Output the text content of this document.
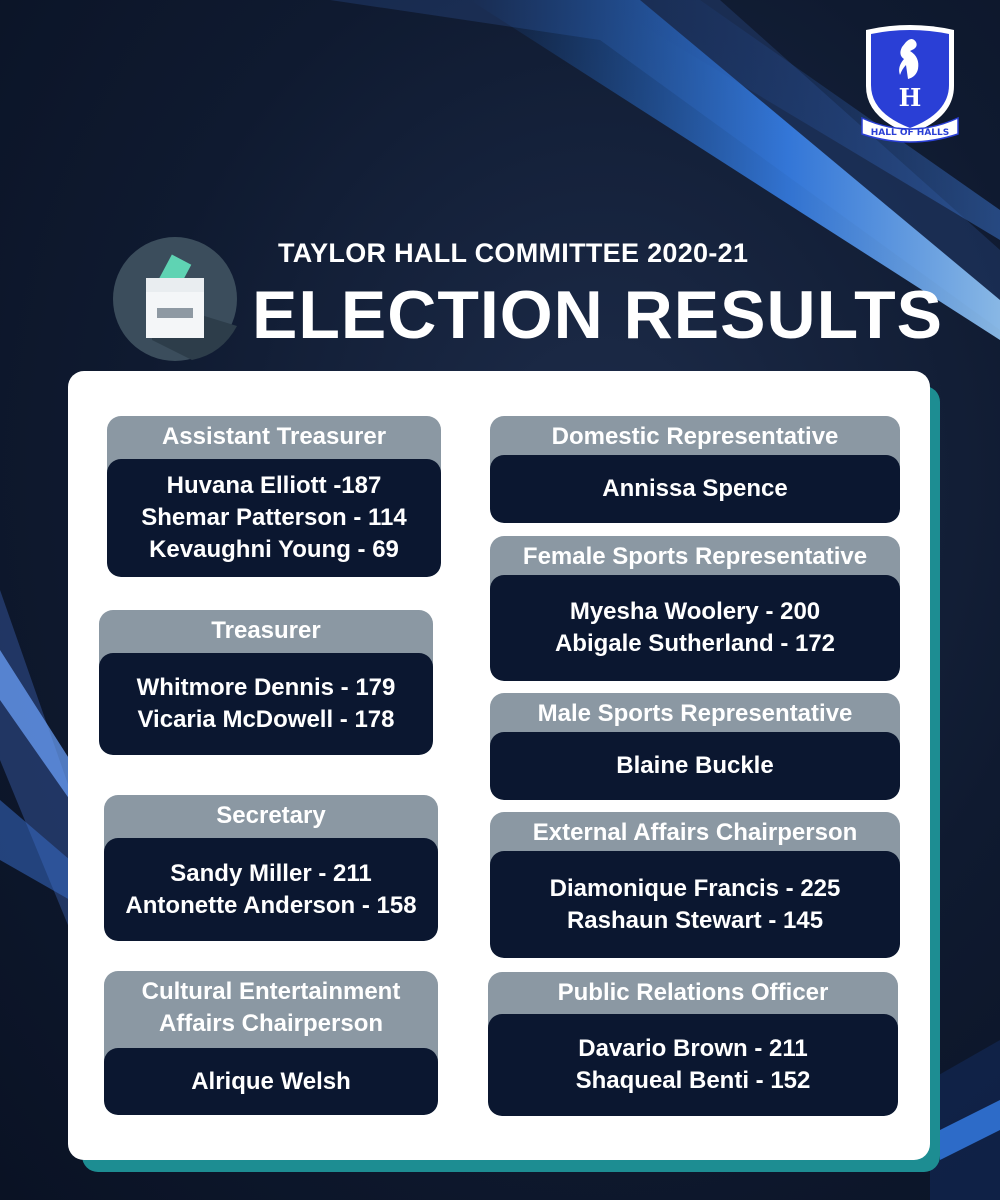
H
HALL OF HALLS
TAYLOR HALL COMMITTEE 2020-21
ELECTION RESULTS
Assistant Treasurer
Huvana Elliott -187
Shemar Patterson - 114
Kevaughni Young - 69
Treasurer
Whitmore Dennis - 179
Vicaria McDowell - 178
Secretary
Sandy Miller - 211
Antonette Anderson - 158
Cultural Entertainment
Affairs Chairperson
Alrique Welsh
Domestic Representative
Annissa Spence
Female Sports Representative
Myesha Woolery - 200
Abigale Sutherland - 172
Male Sports Representative
Blaine Buckle
External Affairs Chairperson
Diamonique Francis - 225
Rashaun Stewart - 145
Public Relations Officer
Davario Brown - 211
Shaqueal Benti - 152
